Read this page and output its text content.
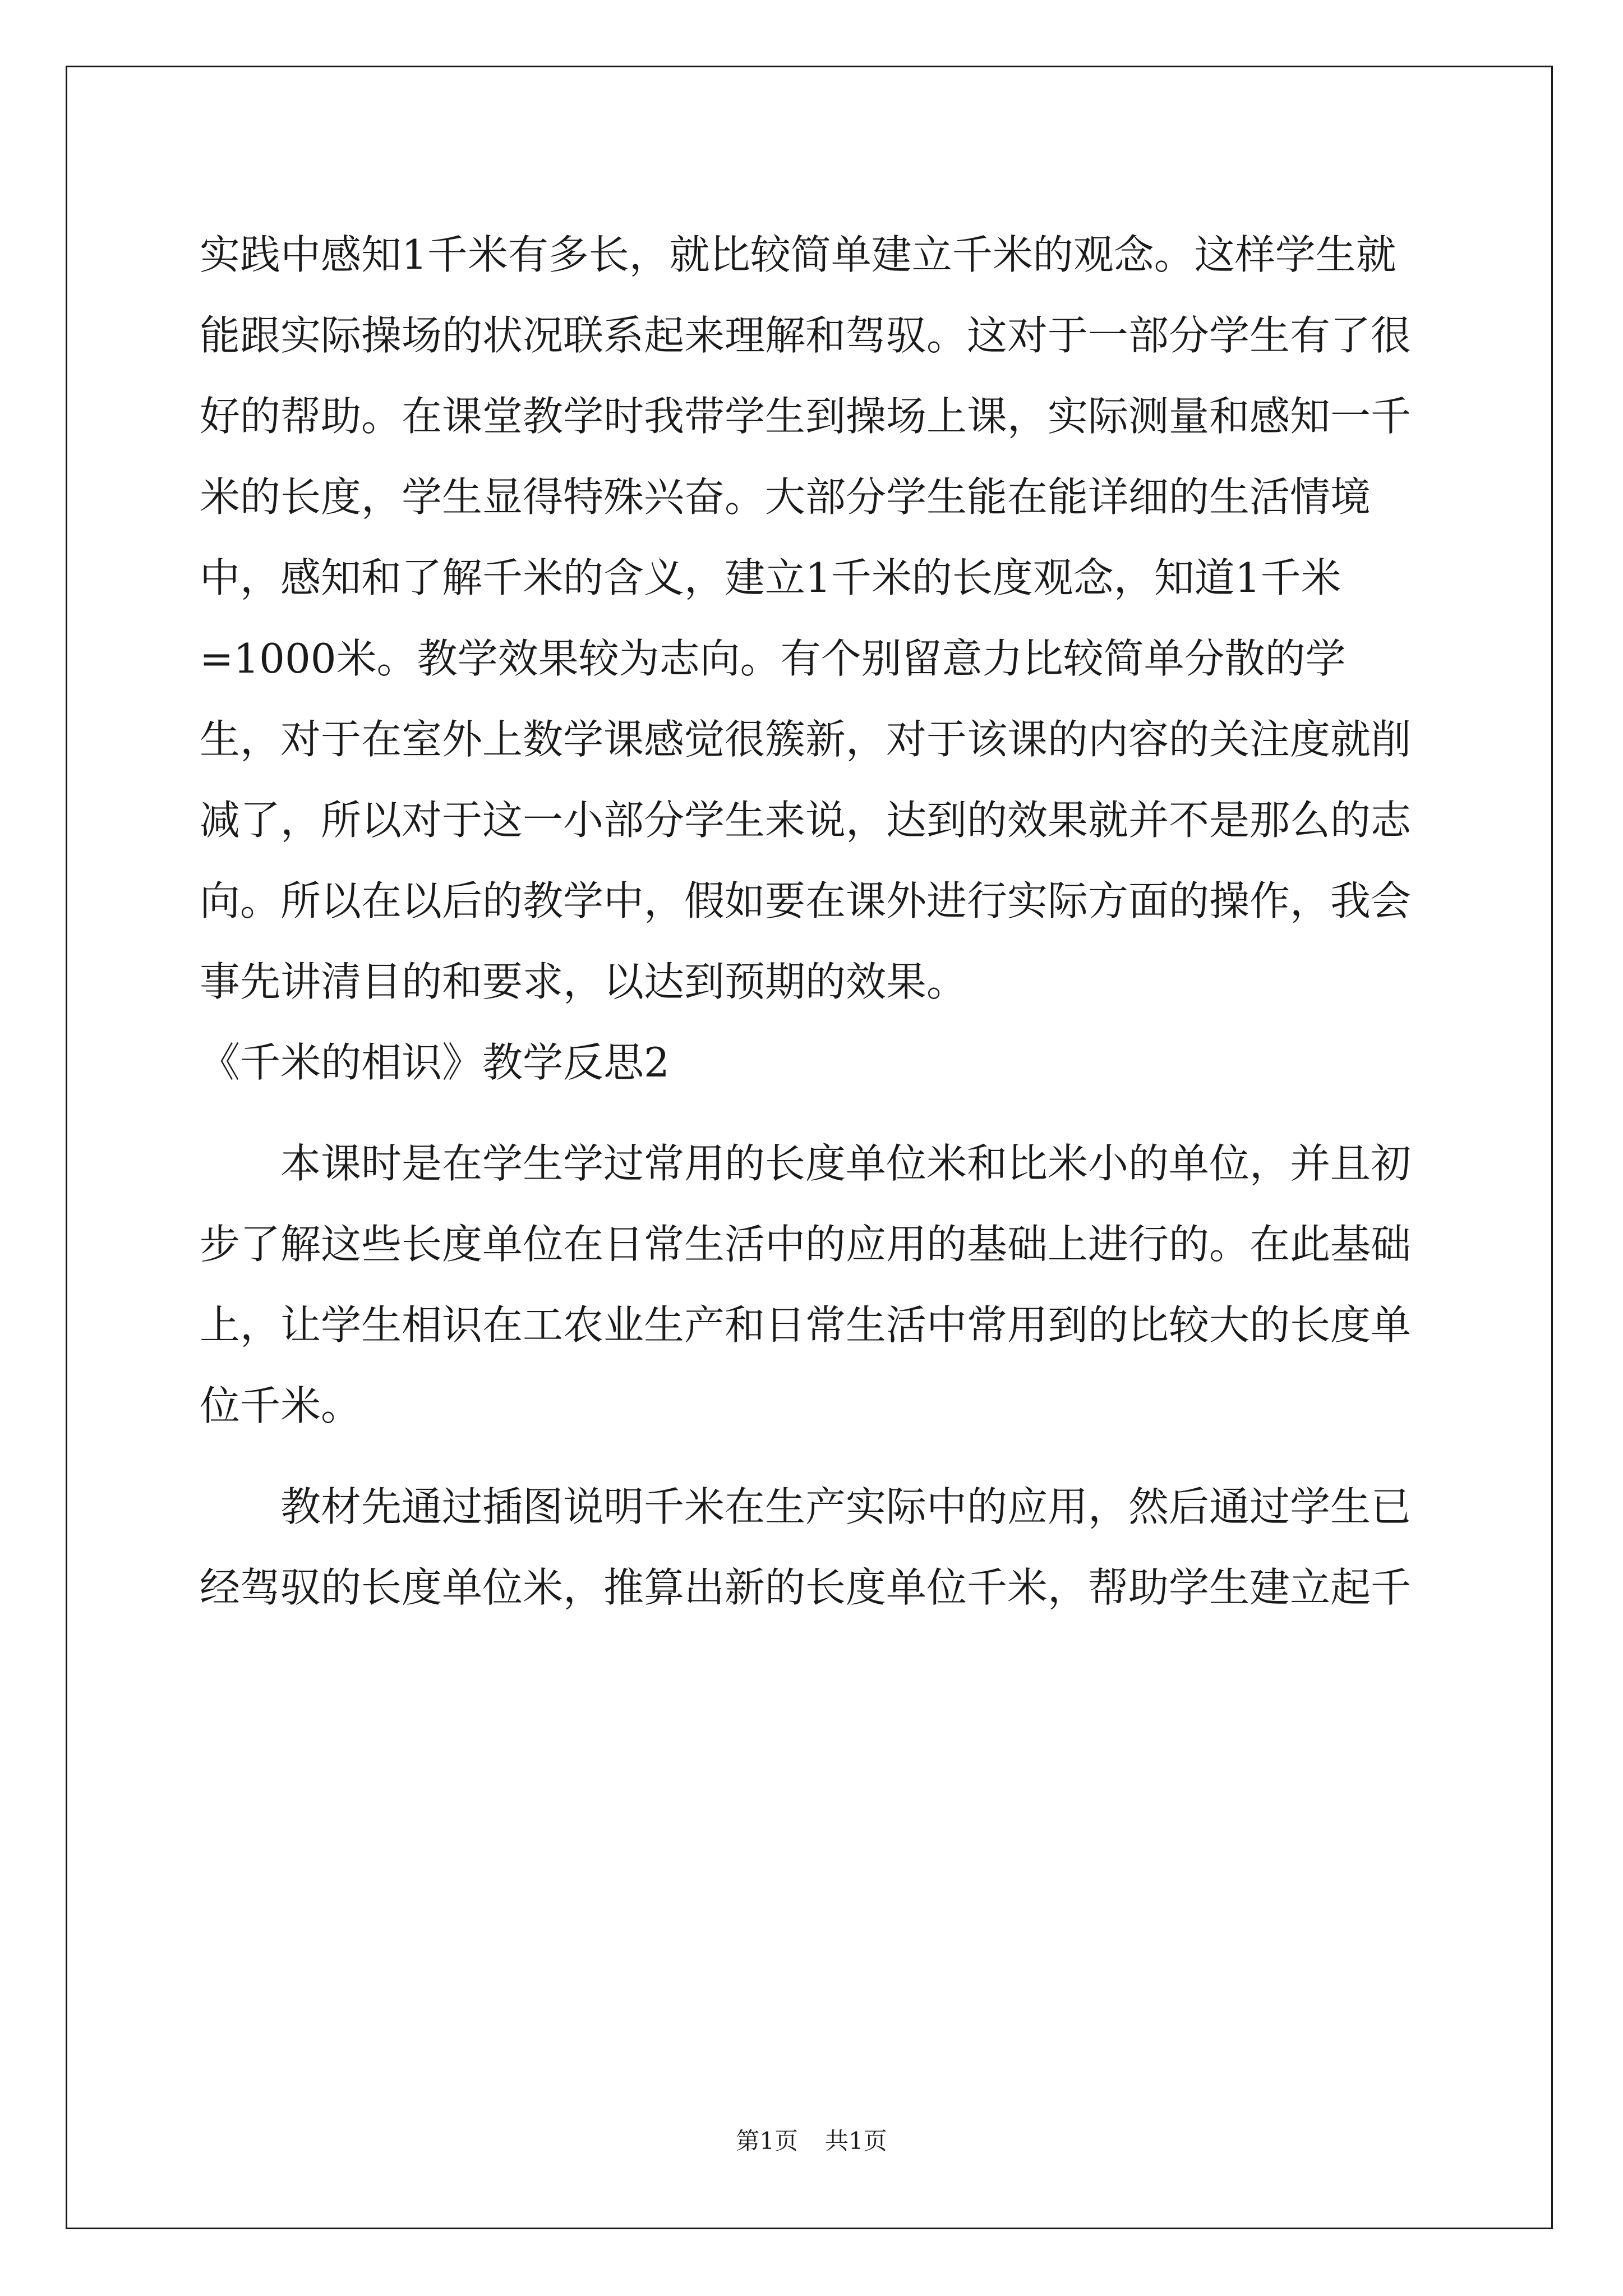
实践中感知1千米有多长，就比较简单建立千米的观念。这样学生就能跟实际操场的状况联系起来理解和驾驭。这对于一部分学生有了很好的帮助。在课堂教学时我带学生到操场上课，实际测量和感知一千米的长度，学生显得特殊兴奋。大部分学生能在能详细的生活情境中，感知和了解千米的含义，建立1千米的长度观念，知道1千米=1000米。教学效果较为志向。有个别留意力比较简单分散的学生，对于在室外上数学课感觉很簇新，对于该课的内容的关注度就削减了，所以对于这一小部分学生来说，达到的效果就并不是那么的志向。所以在以后的教学中，假如要在课外进行实际方面的操作，我会事先讲清目的和要求，以达到预期的效果。

《千米的相识》教学反思2

本课时是在学生学过常用的长度单位米和比米小的单位，并且初步了解这些长度单位在日常生活中的应用的基础上进行的。在此基础上，让学生相识在工农业生产和日常生活中常用到的比较大的长度单位千米。

教材先通过插图说明千米在生产实际中的应用，然后通过学生已经驾驭的长度单位米，推算出新的长度单位千米，帮助学生建立起千

第1页 共1页
